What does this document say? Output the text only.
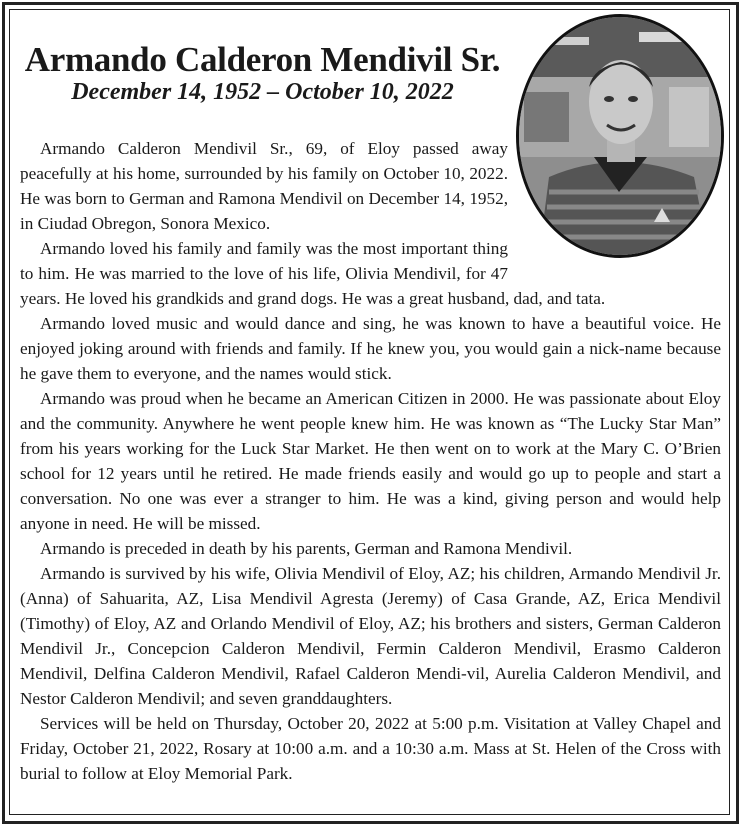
Armando Calderon Mendivil Sr.
December 14, 1952 – October 10, 2022

Armando Calderon Mendivil Sr., 69, of Eloy passed away peacefully at his home, surrounded by his family on October 10, 2022. He was born to German and Ramona Mendivil on December 14, 1952, in Ciudad Obregon, Sonora Mexico.

Armando loved his family and family was the most important thing to him. He was married to the love of his life, Olivia Mendivil, for 47 years. He loved his grandkids and grand dogs. He was a great husband, dad, and tata.

Armando loved music and would dance and sing, he was known to have a beautiful voice. He enjoyed joking around with friends and family. If he knew you, you would gain a nick-name because he gave them to everyone, and the names would stick.

Armando was proud when he became an American Citizen in 2000. He was passionate about Eloy and the community. Anywhere he went people knew him. He was known as “The Lucky Star Man” from his years working for the Luck Star Market. He then went on to work at the Mary C. O’Brien school for 12 years until he retired. He made friends easily and would go up to people and start a conversation. No one was ever a stranger to him. He was a kind, giving person and would help anyone in need. He will be missed.

Armando is preceded in death by his parents, German and Ramona Mendivil.

Armando is survived by his wife, Olivia Mendivil of Eloy, AZ; his children, Armando Mendivil Jr. (Anna) of Sahuarita, AZ, Lisa Mendivil Agresta (Jeremy) of Casa Grande, AZ, Erica Mendivil (Timothy) of Eloy, AZ and Orlando Mendivil of Eloy, AZ; his brothers and sisters, German Calderon Mendivil Jr., Concepcion Calderon Mendivil, Fermin Calderon Mendivil, Erasmo Calderon Mendivil, Delfina Calderon Mendivil, Rafael Calderon Mendi-vil, Aurelia Calderon Mendivil, and Nestor Calderon Mendivil; and seven granddaughters.

Services will be held on Thursday, October 20, 2022 at 5:00 p.m. Visitation at Valley Chapel and Friday, October 21, 2022, Rosary at 10:00 a.m. and a 10:30 a.m. Mass at St. Helen of the Cross with burial to follow at Eloy Memorial Park.
